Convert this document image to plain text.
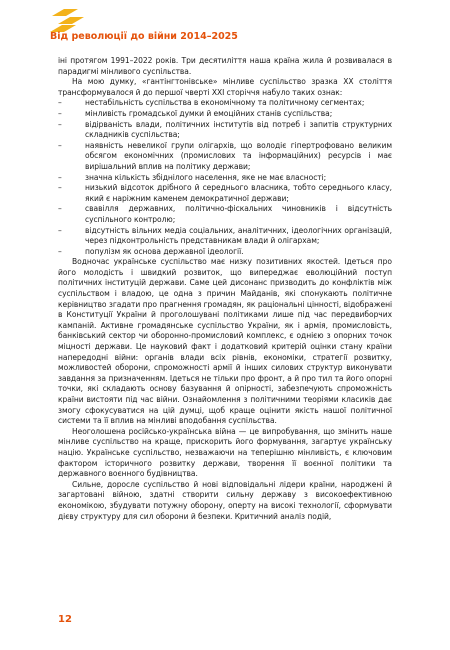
Від революції до війни 2014–2025

іні протягом 1991–2022 років. Три десятиліття наша країна жила й розвивалася в парадигмі мінливого суспільства.

На мою думку, «гантінгтонівське» мінливе суспільство зразка XX століття трансформувалося й до першої чверті XXI сторіччя набуло таких ознак:

–	нестабільність суспільства в економічному та політичному сегментах;
–	мінливість громадської думки й емоційних станів суспільства;
–	відірваність влади, політичних інститутів від потреб і запитів структурних складників суспільства;
–	наявність невеликої групи олігархів, що володіє гіпертрофовано великим обсягом економічних (промислових та інформаційних) ресурсів і має вирішальний вплив на політику держави;
–	значна кількість збіднілого населення, яке не має власності;
–	низький відсоток дрібного й середнього власника, тобто середнього класу, який є наріжним каменем демократичної держави;
–	свавілля державних, політично-фіскальних чиновників і відсутність суспільного контролю;
–	відсутність вільних медіа соціальних, аналітичних, ідеологічних організацій, через підконтрольність представникам влади й олігархам;
–	популізм як основа державної ідеології.

Водночас українське суспільство має низку позитивних якостей. Ідеться про його молодість і швидкий розвиток, що випереджає еволюційний поступ політичних інституцій держави. Саме цей дисонанс призводить до конфліктів між суспільством і владою, це одна з причин Майданів, які спонукають політичне керівництво згадати про прагнення громадян, як раціональні цінності, відображені в Конституції України й проголошувані політиками лише під час передвиборчих кампаній. Активне громадянське суспільство України, як і армія, промисловість, банківський сектор чи оборонно-промисловий комплекс, є однією з опорних точок міцності держави. Це науковий факт і додатковий критерій оцінки стану країни напередодні війни: органів влади всіх рівнів, економіки, стратегії розвитку, можливостей оборони, спроможності армії й інших силових структур виконувати завдання за призначенням. Ідеться не тільки про фронт, а й про тил та його опорні точки, які складають основу базування й опірності, забезпечують спроможність країни вистояти під час війни. Ознайомлення з політичними теоріями класиків дає змогу сфокусуватися на цій думці, щоб краще оцінити якість нашої політичної системи та її вплив на мінливі вподобання суспільства.

Неоголошена російсько-українська війна — це випробування, що змінить наше мінливе суспільство на краще, прискорить його формування, загартує українську націю. Українське суспільство, незважаючи на теперішню мінливість, є ключовим фактором історичного розвитку держави, творення її воєнної політики та державного воєнного будівництва.

Сильне, доросле суспільство й нові відповідальні лідери країни, народжені й загартовані війною, здатні створити сильну державу з високоефективною економікою, збудувати потужну оборону, оперту на високі технології, сформувати дієву структуру для сил оборони й безпеки. Критичний аналіз подій,

12
